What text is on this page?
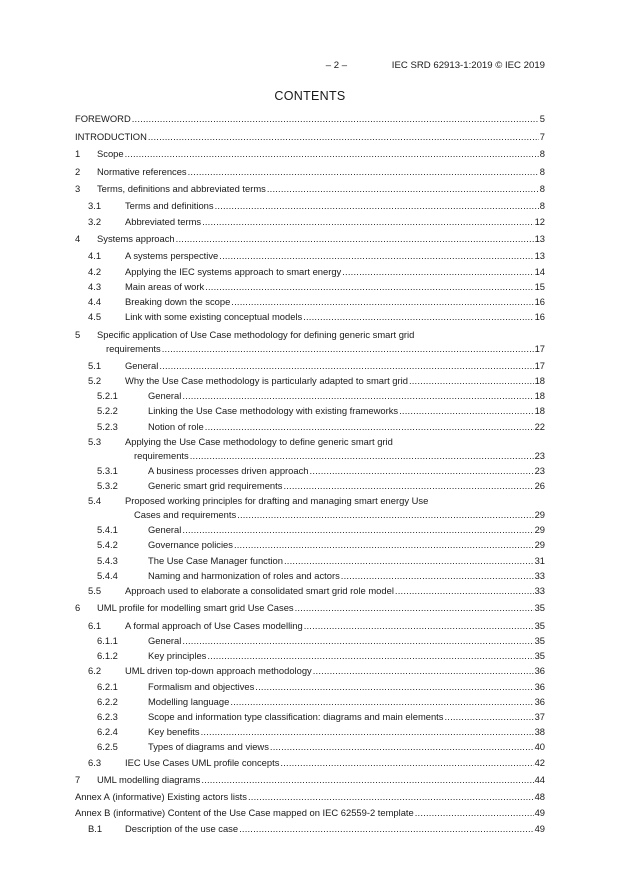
– 2 –	IEC SRD 62913-1:2019 © IEC 2019
CONTENTS
FOREWORD .....	5
INTRODUCTION .....	7
1 Scope .....	8
2 Normative references .....	8
3 Terms, definitions and abbreviated terms .....	8
3.1	Terms and definitions .....	8
3.2	Abbreviated terms .....	12
4 Systems approach .....	13
4.1	A systems perspective .....	13
4.2	Applying the IEC systems approach to smart energy .....	14
4.3	Main areas of work .....	15
4.4	Breaking down the scope .....	16
4.5	Link with some existing conceptual models .....	16
5 Specific application of Use Case methodology for defining generic smart grid
requirements .....	17
5.1	General .....	17
5.2	Why the Use Case methodology is particularly adapted to smart grid .....	18
5.2.1	General .....	18
5.2.2	Linking the Use Case methodology with existing frameworks .....	18
5.2.3	Notion of role .....	22
5.3	Applying the Use Case methodology to define generic smart grid
requirements .....	23
5.3.1	A business processes driven approach .....	23
5.3.2	Generic smart grid requirements .....	26
5.4	Proposed working principles for drafting and managing smart energy Use
Cases and requirements .....	29
5.4.1	General .....	29
5.4.2	Governance policies .....	29
5.4.3	The Use Case Manager function .....	31
5.4.4	Naming and harmonization of roles and actors .....	33
5.5	Approach used to elaborate a consolidated smart grid role model .....	33
6 UML profile for modelling smart grid Use Cases .....	35
6.1	A formal approach of Use Cases modelling .....	35
6.1.1	General .....	35
6.1.2	Key principles .....	35
6.2	UML driven top-down approach methodology .....	36
6.2.1	Formalism and objectives .....	36
6.2.2	Modelling language .....	36
6.2.3	Scope and information type classification: diagrams and main elements .....	37
6.2.4	Key benefits .....	38
6.2.5	Types of diagrams and views .....	40
6.3	IEC Use Cases UML profile concepts .....	42
7 UML modelling diagrams .....	44
Annex A
(informative) Existing actors lists .....	48
Annex B
(informative) Content of the Use Case mapped on IEC 62559-2 template .....	49
B.1 Description of the use case .....	49
